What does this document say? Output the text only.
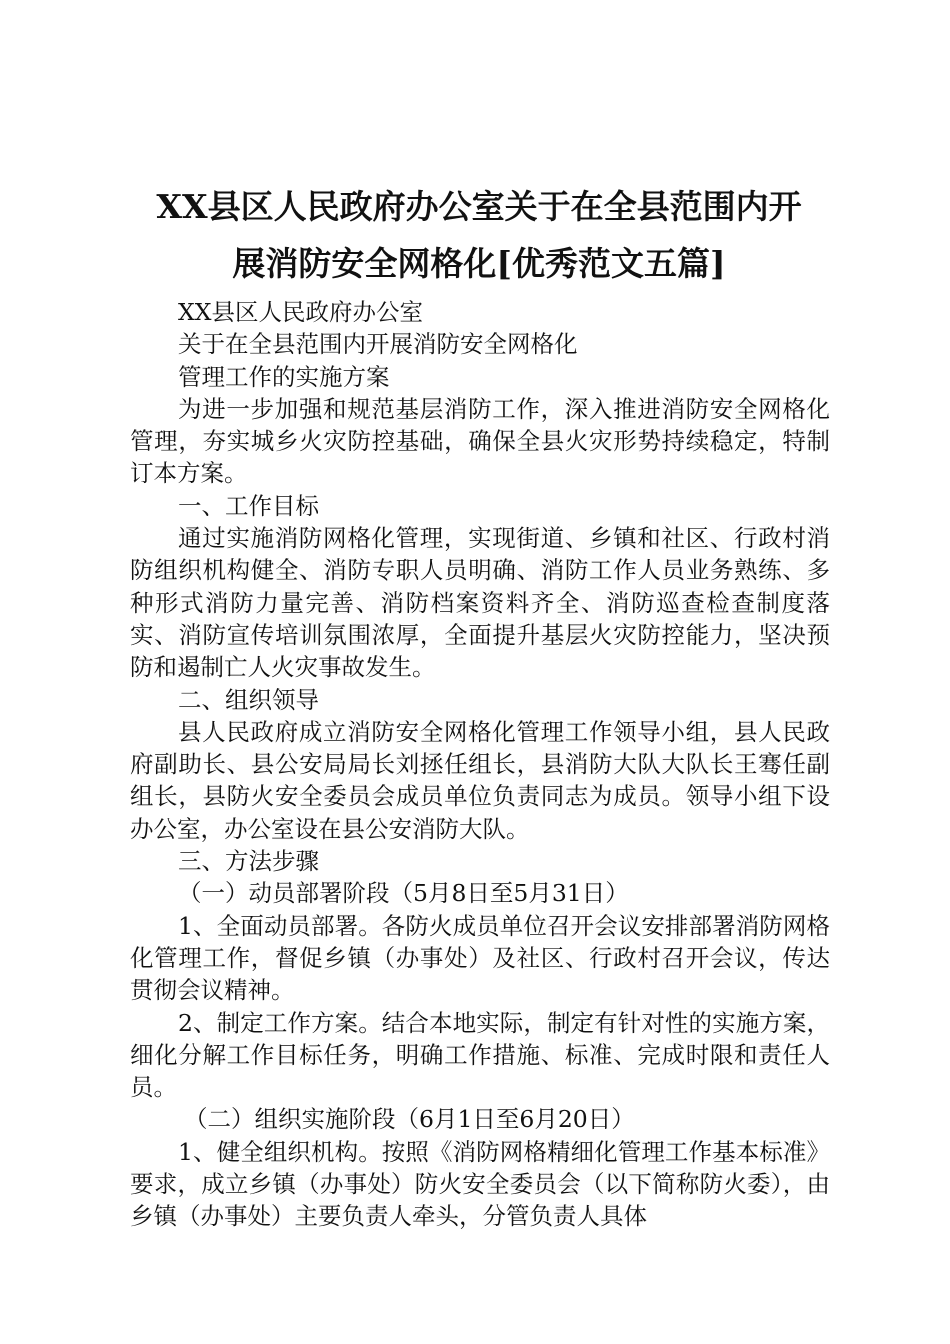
XX县区人民政府办公室关于在全县范围内开
展消防安全网格化[优秀范文五篇]

XX县区人民政府办公室

关于在全县范围内开展消防安全网格化

管理工作的实施方案

为进一步加强和规范基层消防工作，深入推进消防安全网格化管理，夯实城乡火灾防控基础，确保全县火灾形势持续稳定，特制订本方案。

一、工作目标

通过实施消防网格化管理，实现街道、乡镇和社区、行政村消防组织机构健全、消防专职人员明确、消防工作人员业务熟练、多种形式消防力量完善、消防档案资料齐全、消防巡查检查制度落实、消防宣传培训氛围浓厚，全面提升基层火灾防控能力，坚决预防和遏制亡人火灾事故发生。

二、组织领导

县人民政府成立消防安全网格化管理工作领导小组，县人民政府副助长、县公安局局长刘拯任组长，县消防大队大队长王骞任副组长，县防火安全委员会成员单位负责同志为成员。领导小组下设办公室，办公室设在县公安消防大队。

三、方法步骤

（一）动员部署阶段（5月8日至5月31日）

1、全面动员部署。各防火成员单位召开会议安排部署消防网格化管理工作，督促乡镇（办事处）及社区、行政村召开会议，传达贯彻会议精神。

2、制定工作方案。结合本地实际，制定有针对性的实施方案，细化分解工作目标任务，明确工作措施、标准、完成时限和责任人员。

（二）组织实施阶段（6月1日至6月20日）

1、健全组织机构。按照《消防网格精细化管理工作基本标准》要求，成立乡镇（办事处）防火安全委员会（以下简称防火委），由乡镇（办事处）主要负责人牵头，分管负责人具体
